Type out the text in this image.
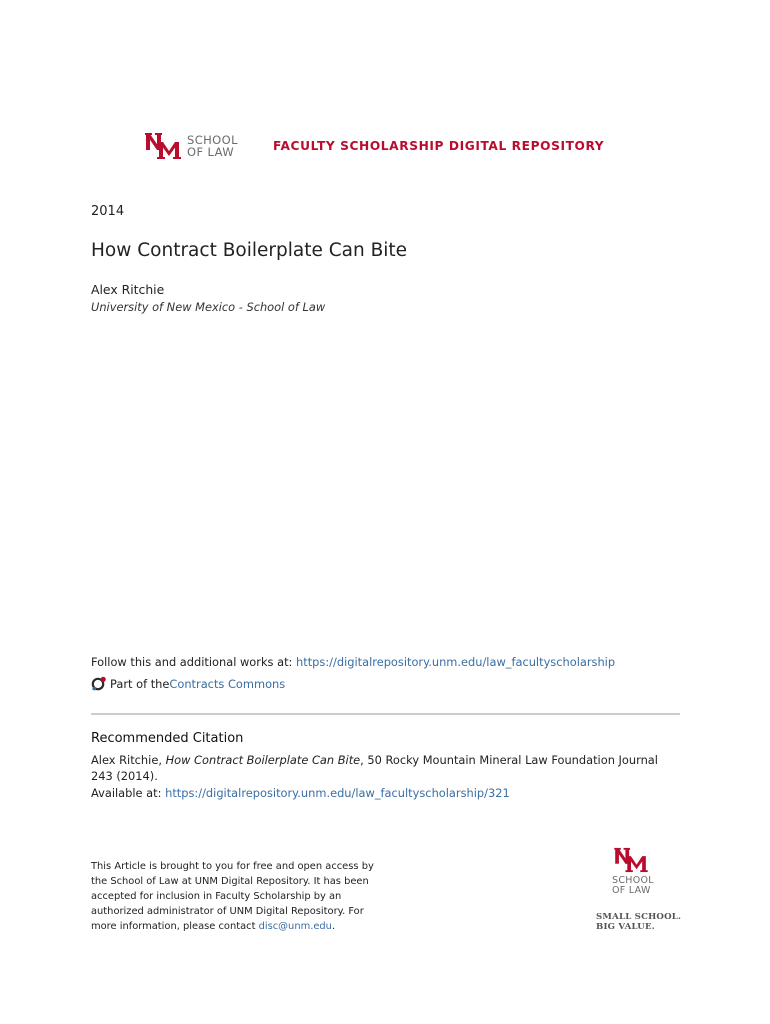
SCHOOL
OF LAW	FACULTY SCHOLARSHIP DIGITAL REPOSITORY
2014
How Contract Boilerplate Can Bite
Alex Ritchie
University of New Mexico - School of Law
Follow this and additional works at: https://digitalrepository.unm.edu/law_facultyscholarship
Part of the Contracts Commons
Recommended Citation
Alex Ritchie, How Contract Boilerplate Can Bite, 50 Rocky Mountain Mineral Law Foundation Journal 243 (2014).
Available at: https://digitalrepository.unm.edu/law_facultyscholarship/321
This Article is brought to you for free and open access by the School of Law at UNM Digital Repository. It has been accepted for inclusion in Faculty Scholarship by an authorized administrator of UNM Digital Repository. For more information, please contact disc@unm.edu.
SCHOOL
OF LAW
SMALL SCHOOL.
BIG VALUE.
